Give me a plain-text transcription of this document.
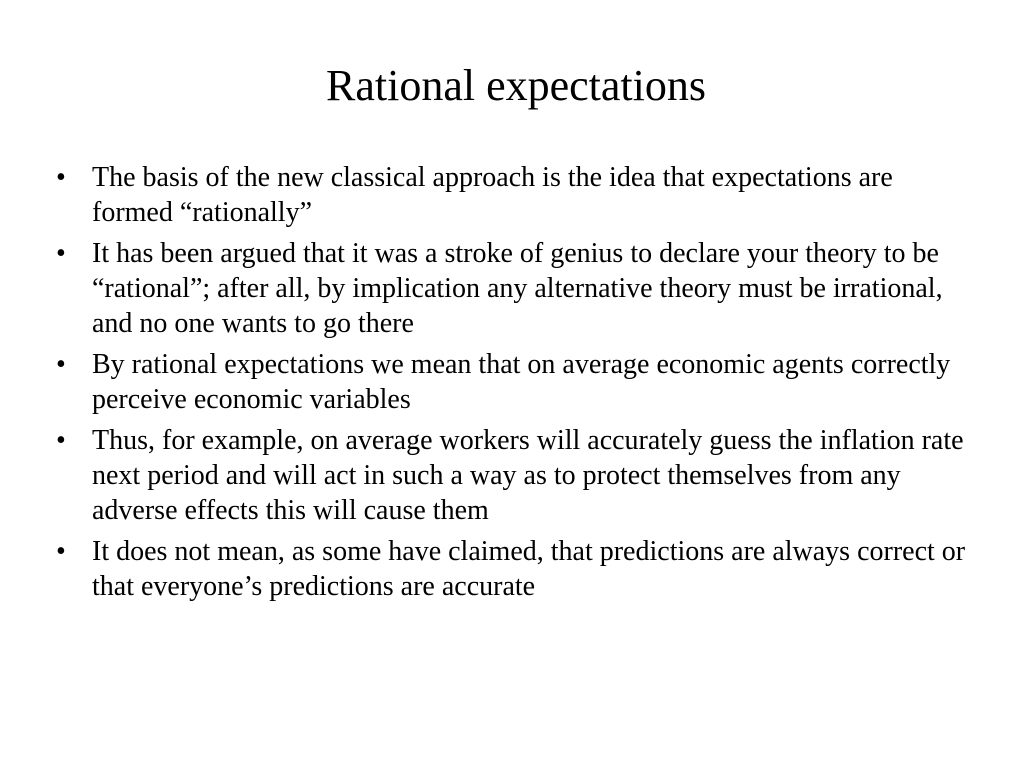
Rational expectations
• The basis of the new classical approach is the idea that expectations are formed “rationally”
• It has been argued that it was a stroke of genius to declare your theory to be “rational”; after all, by implication any alternative theory must be irrational, and no one wants to go there
• By rational expectations we mean that on average economic agents correctly perceive economic variables
• Thus, for example, on average workers will accurately guess the inflation rate next period and will act in such a way as to protect themselves from any adverse effects this will cause them
• It does not mean, as some have claimed, that predictions are always correct or that everyone’s predictions are accurate
